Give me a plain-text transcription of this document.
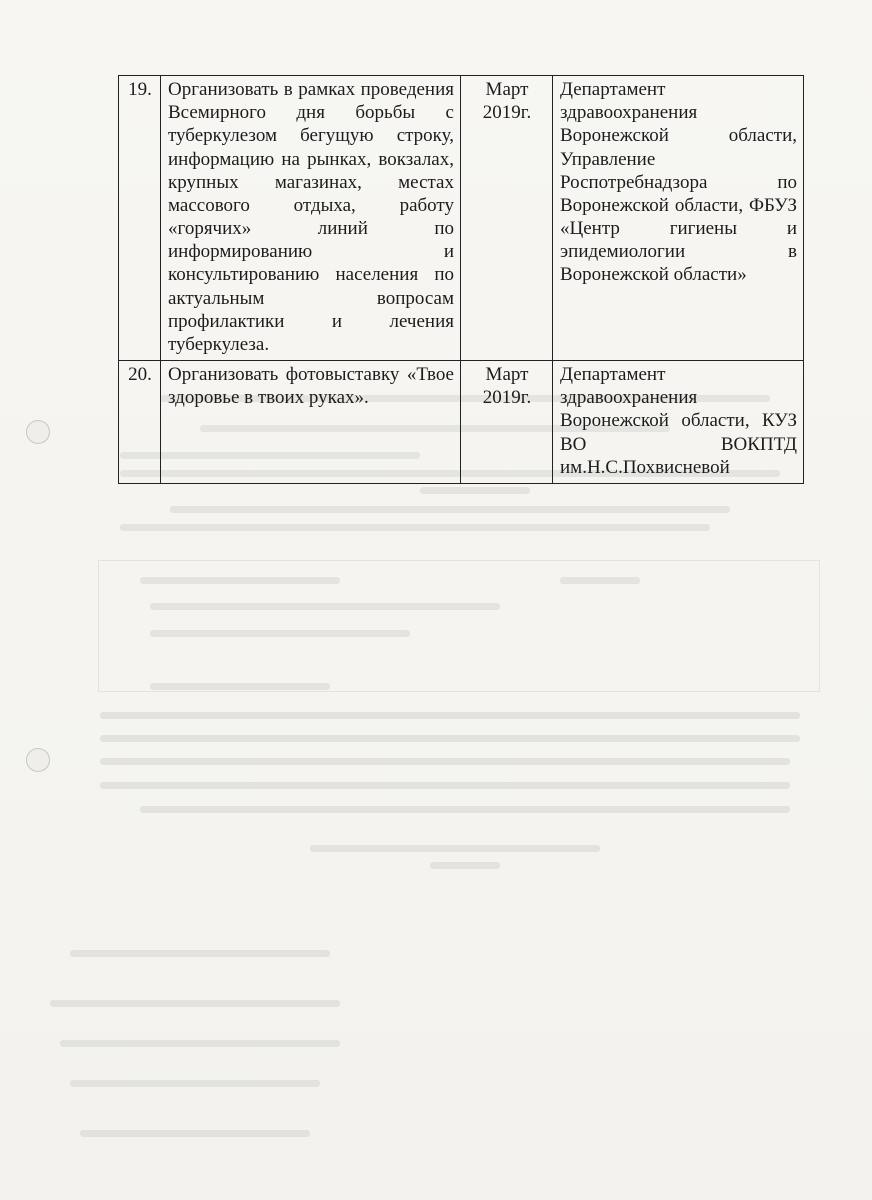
19.	Организовать в рамках проведения Всемирного дня борьбы с туберкулезом бегущую строку, информацию на рынках, вокзалах, крупных магазинах, местах массового отдыха, работу «горячих» линий по информированию и консультированию населения по актуальным вопросам профилактики и лечения туберкулеза.	Март 2019г.	Департамент здравоохранения Воронежской области, Управление Роспотребнадзора по Воронежской области, ФБУЗ «Центр гигиены и эпидемиологии в Воронежской области»
20.	Организовать фотовыставку «Твое здоровье в твоих руках».	Март 2019г.	Департамент здравоохранения Воронежской области, КУЗ ВО ВОКПТД им.Н.С.Похвисневой
